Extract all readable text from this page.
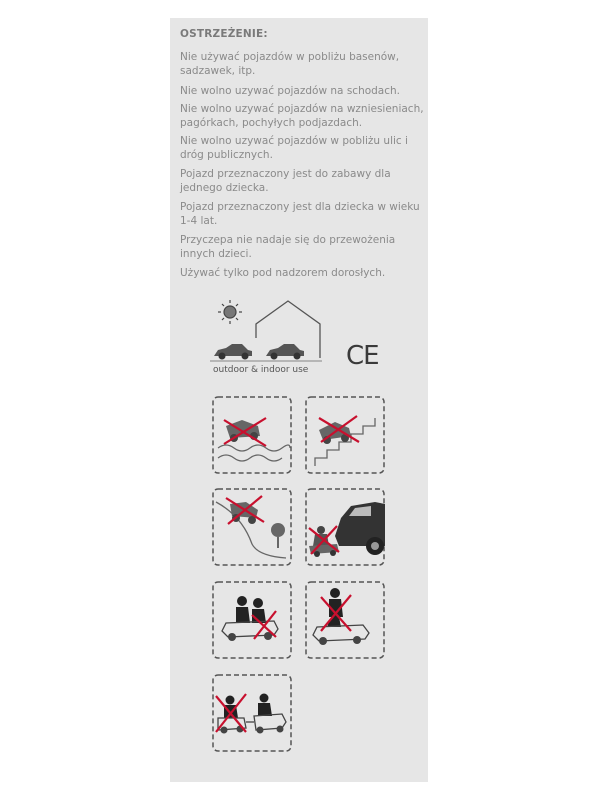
OSTRZEŻENIE:
Nie używać pojazdów w pobliżu basenów, sadzawek, itp.
Nie wolno uzywać pojazdów na schodach.
Nie wolno uzywać pojazdów na wzniesieniach, pagórkach, pochyłych podjazdach.
Nie wolno uzywać pojazdów w pobliżu ulic i dróg publicznych.
Pojazd przeznaczony jest do zabawy dla jednego dziecka.
Pojazd przeznaczony jest dla dziecka w wieku 1-4 lat.
Przyczepa nie nadaje się do przewożenia innych dzieci.
Używać tylko pod nadzorem dorosłych.
outdoor & indoor use CE
